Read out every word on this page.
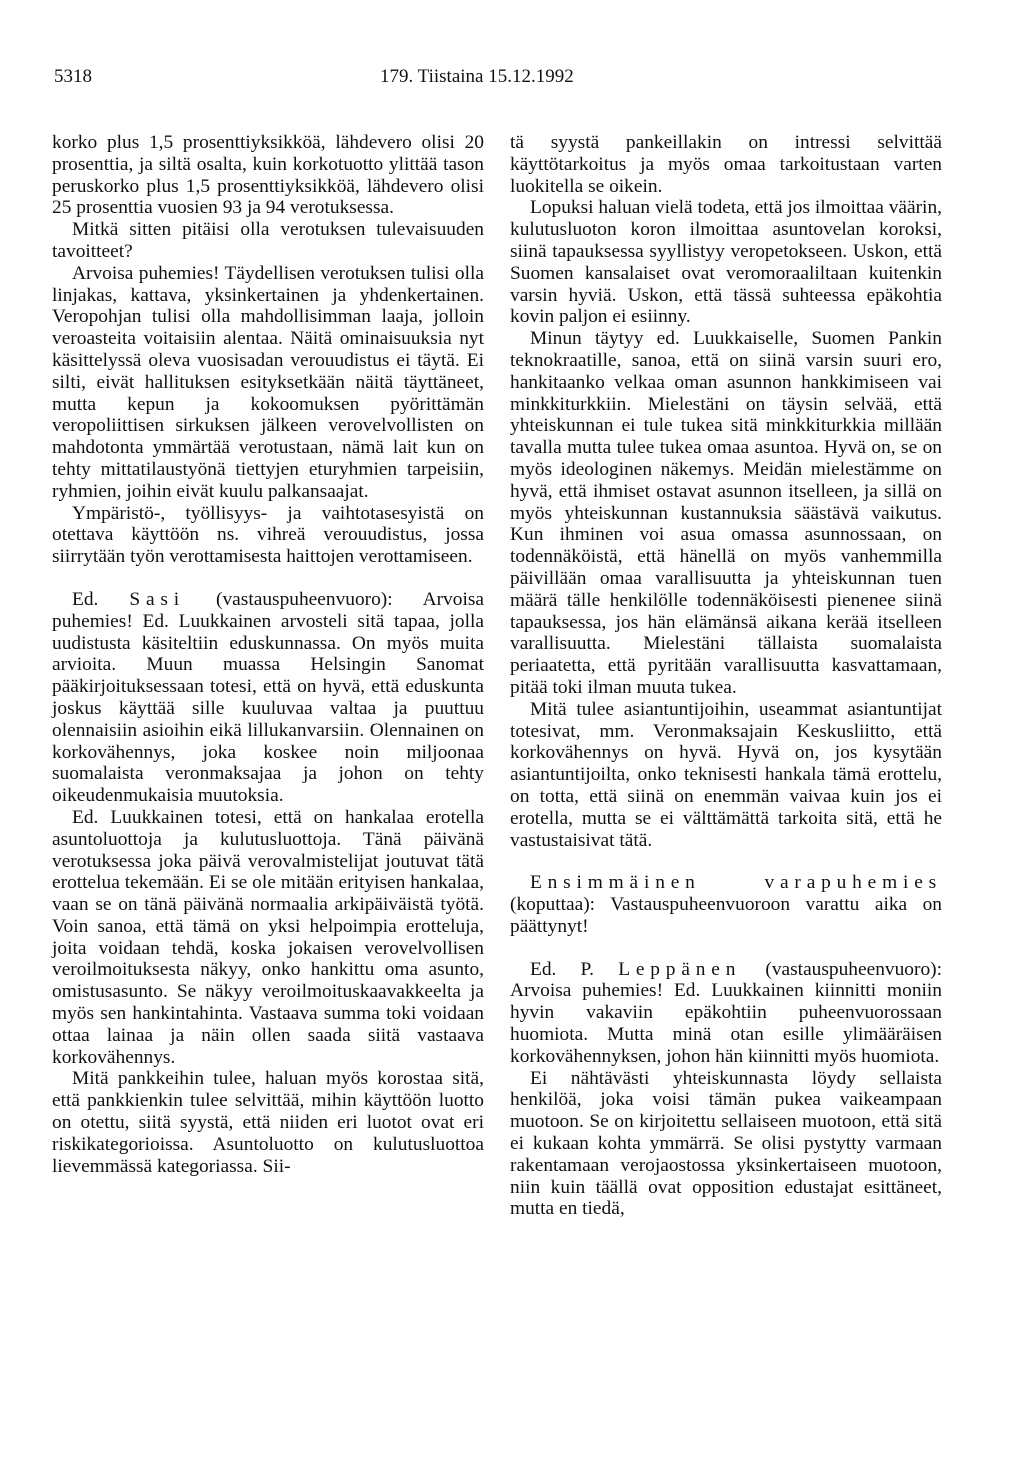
5318	179. Tiistaina 15.12.1992

korko plus 1,5 prosenttiyksikköä, lähdevero olisi 20 prosenttia, ja siltä osalta, kuin korkotuotto ylittää tason peruskorko plus 1,5 prosenttiyksikköä, lähdevero olisi 25 prosenttia vuosien 93 ja 94 verotuksessa.

Mitkä sitten pitäisi olla verotuksen tulevaisuuden tavoitteet?

Arvoisa puhemies! Täydellisen verotuksen tulisi olla linjakas, kattava, yksinkertainen ja yhdenkertainen. Veropohjan tulisi olla mahdollisimman laaja, jolloin veroasteita voitaisiin alentaa. Näitä ominaisuuksia nyt käsittelyssä oleva vuosisadan verouudistus ei täytä. Ei silti, eivät hallituksen esityksetkään näitä täyttäneet, mutta kepun ja kokoomuksen pyörittämän veropoliittisen sirkuksen jälkeen verovelvollisten on mahdotonta ymmärtää verotustaan, nämä lait kun on tehty mittatilaustyönä tiettyjen eturyhmien tarpeisiin, ryhmien, joihin eivät kuulu palkansaajat.

Ympäristö-, työllisyys- ja vaihtotasesyistä on otettava käyttöön ns. vihreä verouudistus, jossa siirrytään työn verottamisesta haittojen verottamiseen.

Ed. Sasi (vastauspuheenvuoro): Arvoisa puhemies! Ed. Luukkainen arvosteli sitä tapaa, jolla uudistusta käsiteltiin eduskunnassa. On myös muita arvioita. Muun muassa Helsingin Sanomat pääkirjoituksessaan totesi, että on hyvä, että eduskunta joskus käyttää sille kuuluvaa valtaa ja puuttuu olennaisiin asioihin eikä lillukanvarsiin. Olennainen on korkovähennys, joka koskee noin miljoonaa suomalaista veronmaksajaa ja johon on tehty oikeudenmukaisia muutoksia.

Ed. Luukkainen totesi, että on hankalaa erotella asuntoluottoja ja kulutusluottoja. Tänä päivänä verotuksessa joka päivä verovalmistelijat joutuvat tätä erottelua tekemään. Ei se ole mitään erityisen hankalaa, vaan se on tänä päivänä normaalia arkipäiväistä työtä. Voin sanoa, että tämä on yksi helpoimpia erotteluja, joita voidaan tehdä, koska jokaisen verovelvollisen veroilmoituksesta näkyy, onko hankittu oma asunto, omistusasunto. Se näkyy veroilmoituskaavakkeelta ja myös sen hankintahinta. Vastaava summa toki voidaan ottaa lainaa ja näin ollen saada siitä vastaava korkovähennys.

Mitä pankkeihin tulee, haluan myös korostaa sitä, että pankkienkin tulee selvittää, mihin käyttöön luotto on otettu, siitä syystä, että niiden eri luotot ovat eri riskikategorioissa. Asuntoluotto on kulutusluottoa lievemmässä kategoriassa. Sii-

tä syystä pankeillakin on intressi selvittää käyttötarkoitus ja myös omaa tarkoitustaan varten luokitella se oikein.

Lopuksi haluan vielä todeta, että jos ilmoittaa väärin, kulutusluoton koron ilmoittaa asuntovelan koroksi, siinä tapauksessa syyllistyy veropetokseen. Uskon, että Suomen kansalaiset ovat veromoraaliltaan kuitenkin varsin hyviä. Uskon, että tässä suhteessa epäkohtia kovin paljon ei esiinny.

Minun täytyy ed. Luukkaiselle, Suomen Pankin teknokraatille, sanoa, että on siinä varsin suuri ero, hankitaanko velkaa oman asunnon hankkimiseen vai minkkiturkkiin. Mielestäni on täysin selvää, että yhteiskunnan ei tule tukea sitä minkkiturkkia millään tavalla mutta tulee tukea omaa asuntoa. Hyvä on, se on myös ideologinen näkemys. Meidän mielestämme on hyvä, että ihmiset ostavat asunnon itselleen, ja sillä on myös yhteiskunnan kustannuksia säästävä vaikutus. Kun ihminen voi asua omassa asunnossaan, on todennäköistä, että hänellä on myös vanhemmilla päivillään omaa varallisuutta ja yhteiskunnan tuen määrä tälle henkilölle todennäköisesti pienenee siinä tapauksessa, jos hän elämänsä aikana kerää itselleen varallisuutta. Mielestäni tällaista suomalaista periaatetta, että pyritään varallisuutta kasvattamaan, pitää toki ilman muuta tukea.

Mitä tulee asiantuntijoihin, useammat asiantuntijat totesivat, mm. Veronmaksajain Keskusliitto, että korkovähennys on hyvä. Hyvä on, jos kysytään asiantuntijoilta, onko teknisesti hankala tämä erottelu, on totta, että siinä on enemmän vaivaa kuin jos ei erotella, mutta se ei välttämättä tarkoita sitä, että he vastustaisivat tätä.

Ensimmäinen varapuhemies (koputtaa): Vastauspuheenvuoroon varattu aika on päättynyt!

Ed. P. Leppänen (vastauspuheenvuoro): Arvoisa puhemies! Ed. Luukkainen kiinnitti moniin hyvin vakaviin epäkohtiin puheenvuorossaan huomiota. Mutta minä otan esille ylimääräisen korkovähennyksen, johon hän kiinnitti myös huomiota.

Ei nähtävästi yhteiskunnasta löydy sellaista henkilöä, joka voisi tämän pukea vaikeampaan muotoon. Se on kirjoitettu sellaiseen muotoon, että sitä ei kukaan kohta ymmärrä. Se olisi pystytty varmaan rakentamaan verojaostossa yksinkertaiseen muotoon, niin kuin täällä ovat opposition edustajat esittäneet, mutta en tiedä,
